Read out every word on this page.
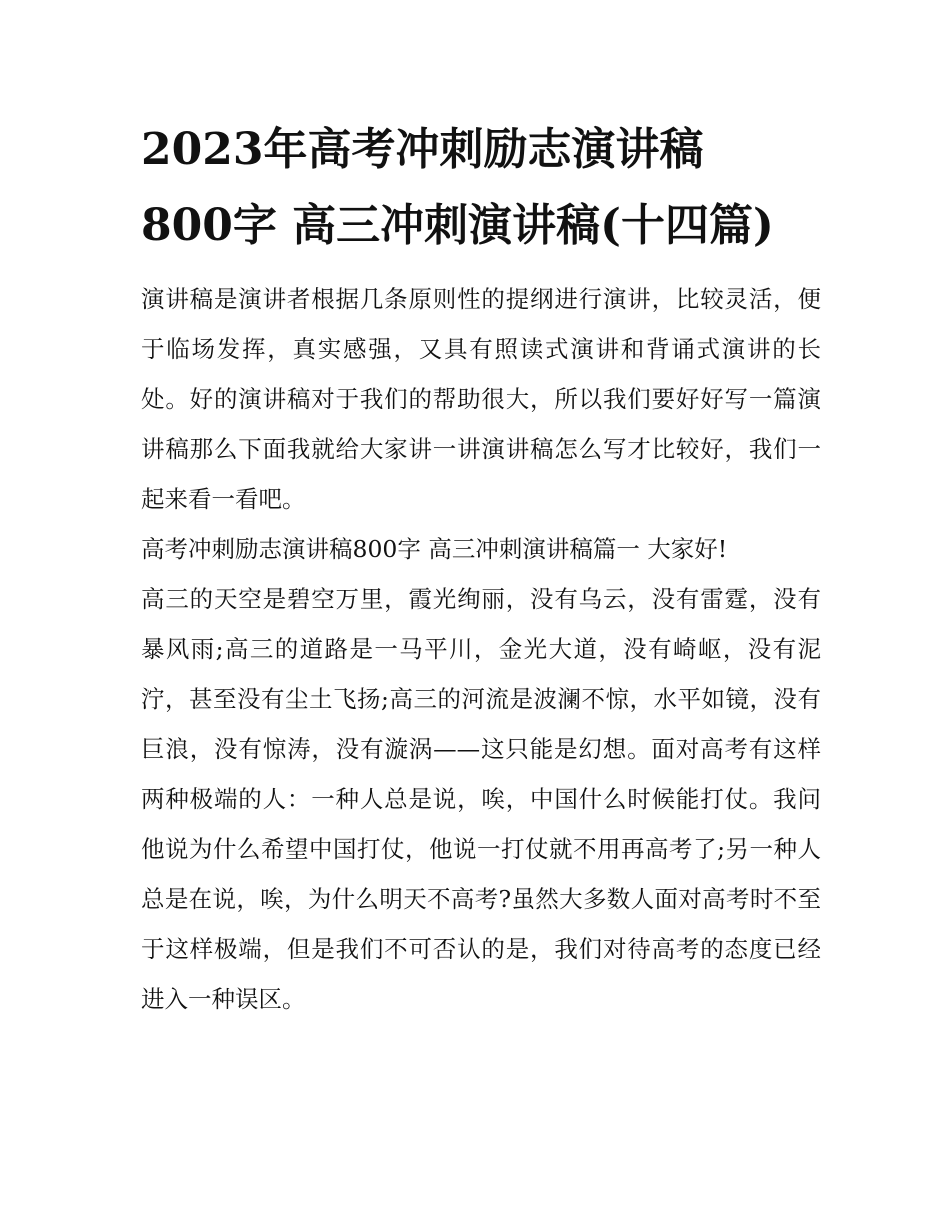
2023年高考冲刺励志演讲稿800字 高三冲刺演讲稿(十四篇)

演讲稿是演讲者根据几条原则性的提纲进行演讲，比较灵活，便于临场发挥，真实感强，又具有照读式演讲和背诵式演讲的长处。好的演讲稿对于我们的帮助很大，所以我们要好好写一篇演讲稿那么下面我就给大家讲一讲演讲稿怎么写才比较好，我们一起来看一看吧。

高考冲刺励志演讲稿800字 高三冲刺演讲稿篇一 大家好!

高三的天空是碧空万里，霞光绚丽，没有乌云，没有雷霆，没有暴风雨;高三的道路是一马平川，金光大道，没有崎岖，没有泥泞，甚至没有尘土飞扬;高三的河流是波澜不惊，水平如镜，没有巨浪，没有惊涛，没有漩涡——这只能是幻想。面对高考有这样两种极端的人：一种人总是说，唉，中国什么时候能打仗。我问他说为什么希望中国打仗，他说一打仗就不用再高考了;另一种人总是在说，唉，为什么明天不高考?虽然大多数人面对高考时不至于这样极端，但是我们不可否认的是，我们对待高考的态度已经进入一种误区。
